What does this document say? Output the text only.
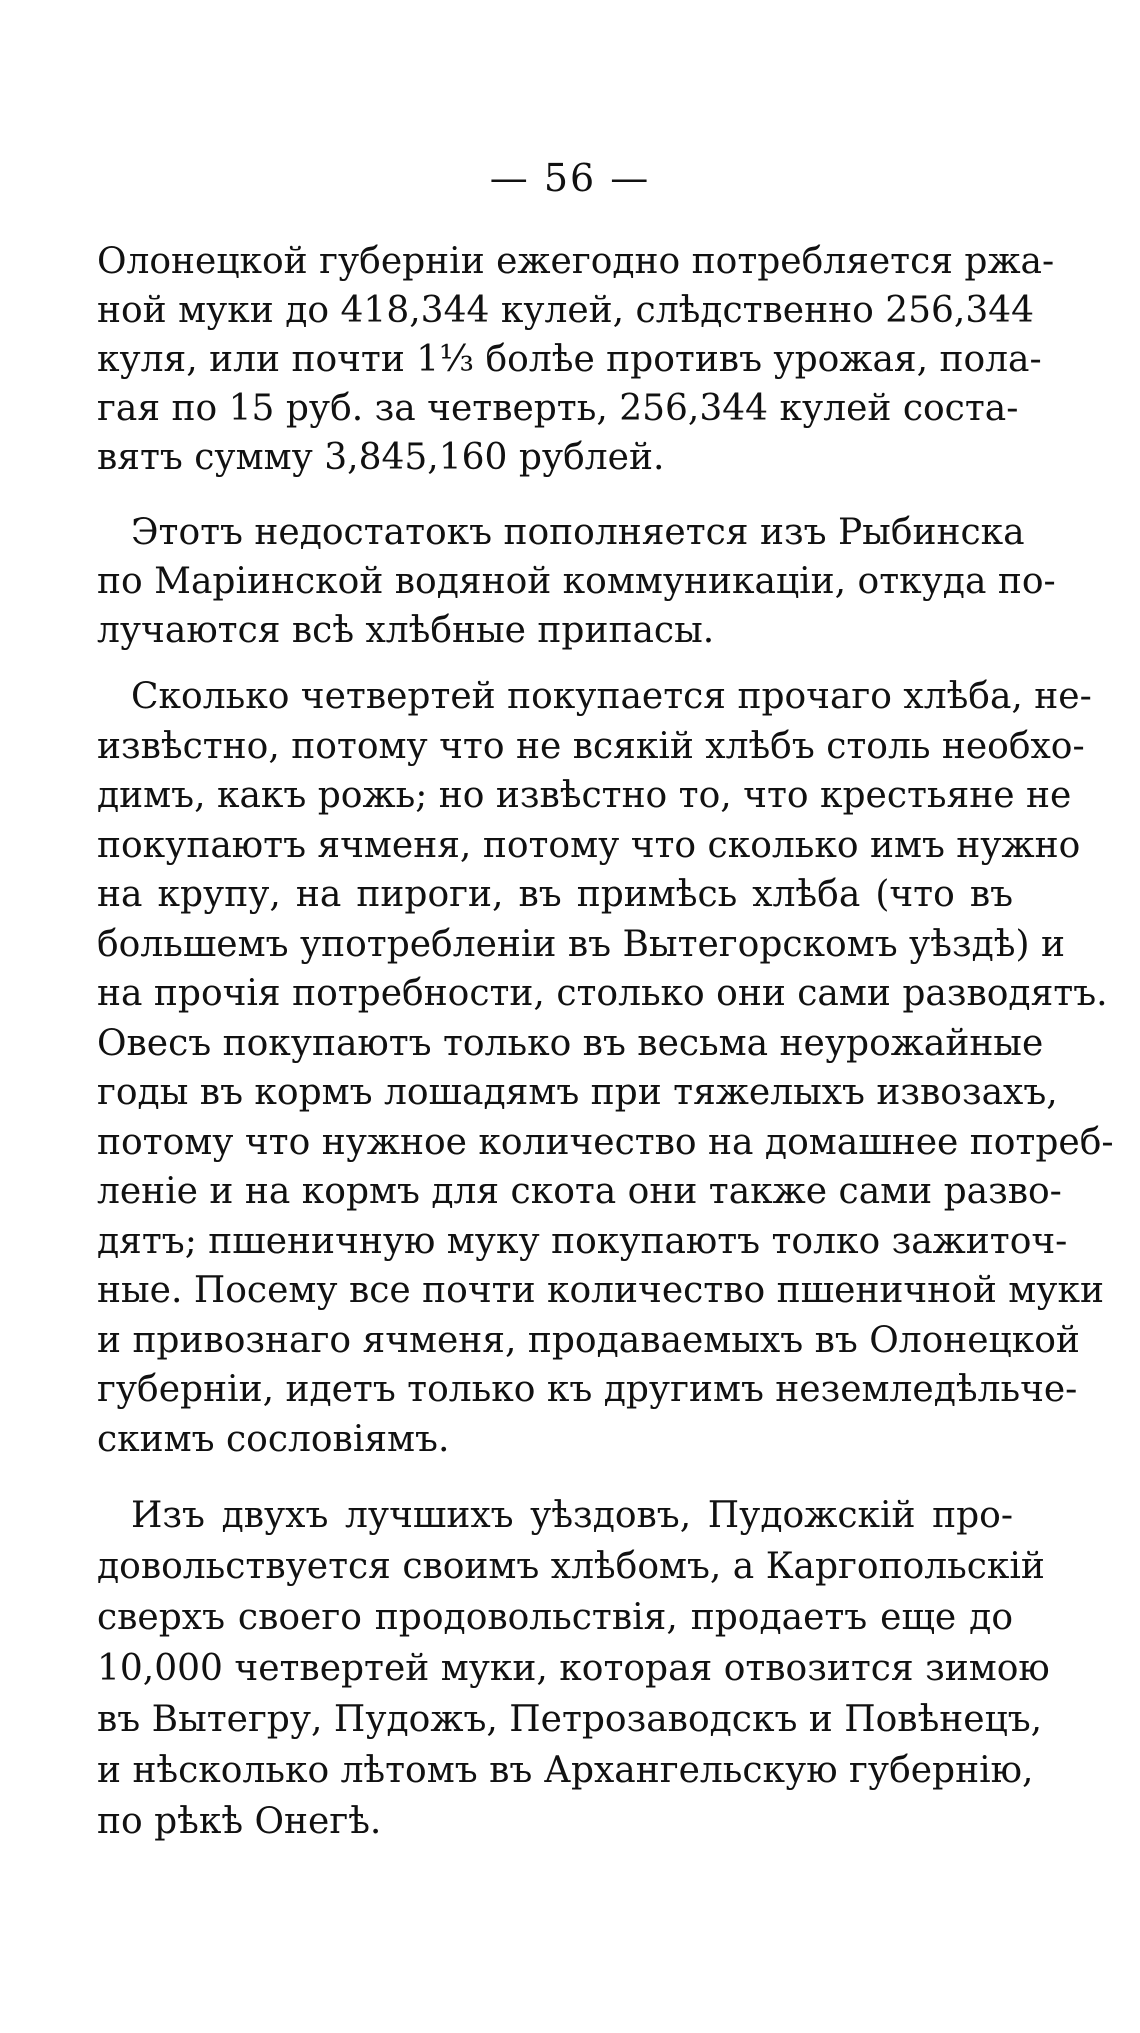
— 56 —
Олонецкой губерніи ежегодно потребляется ржа-
ной муки до 418,344 кулей, слѣдственно 256,344
куля, или почти 1⅓ болѣе противъ урожая, пола-
гая по 15 руб. за четверть, 256,344 кулей соста-
вятъ сумму 3,845,160 рублей.
Этотъ недостатокъ пополняется изъ Рыбинска
по Маріинской водяной коммуникаціи, откуда по-
лучаются всѣ хлѣбные припасы.
Сколько четвертей покупается прочаго хлѣба, не-
извѣстно, потому что не всякій хлѣбъ столь необхо-
димъ, какъ рожь; но извѣстно то, что крестьяне не
покупаютъ ячменя, потому что сколько имъ нужно
на крупу, на пироги, въ примѣсь хлѣба (что въ
большемъ употребленіи въ Вытегорскомъ уѣздѣ) и
на прочія потребности, столько они сами разводятъ.
Овесъ покупаютъ только въ весьма неурожайные
годы въ кормъ лошадямъ при тяжелыхъ извозахъ,
потому что нужное количество на домашнее потреб-
леніе и на кормъ для скота они также сами разво-
дятъ; пшеничную муку покупаютъ толко зажиточ-
ные. Посему все почти количество пшеничной муки
и привознаго ячменя, продаваемыхъ въ Олонецкой
губерніи, идетъ только къ другимъ неземледѣльче-
скимъ сословіямъ.
Изъ двухъ лучшихъ уѣздовъ, Пудожскій про-
довольствуется своимъ хлѣбомъ, а Каргопольскій
сверхъ своего продовольствія, продаетъ еще до
10,000 четвертей муки, которая отвозится зимою
въ Вытегру, Пудожъ, Петрозаводскъ и Повѣнецъ,
и нѣсколько лѣтомъ въ Архангельскую губернію,
по рѣкѣ Онегѣ.
